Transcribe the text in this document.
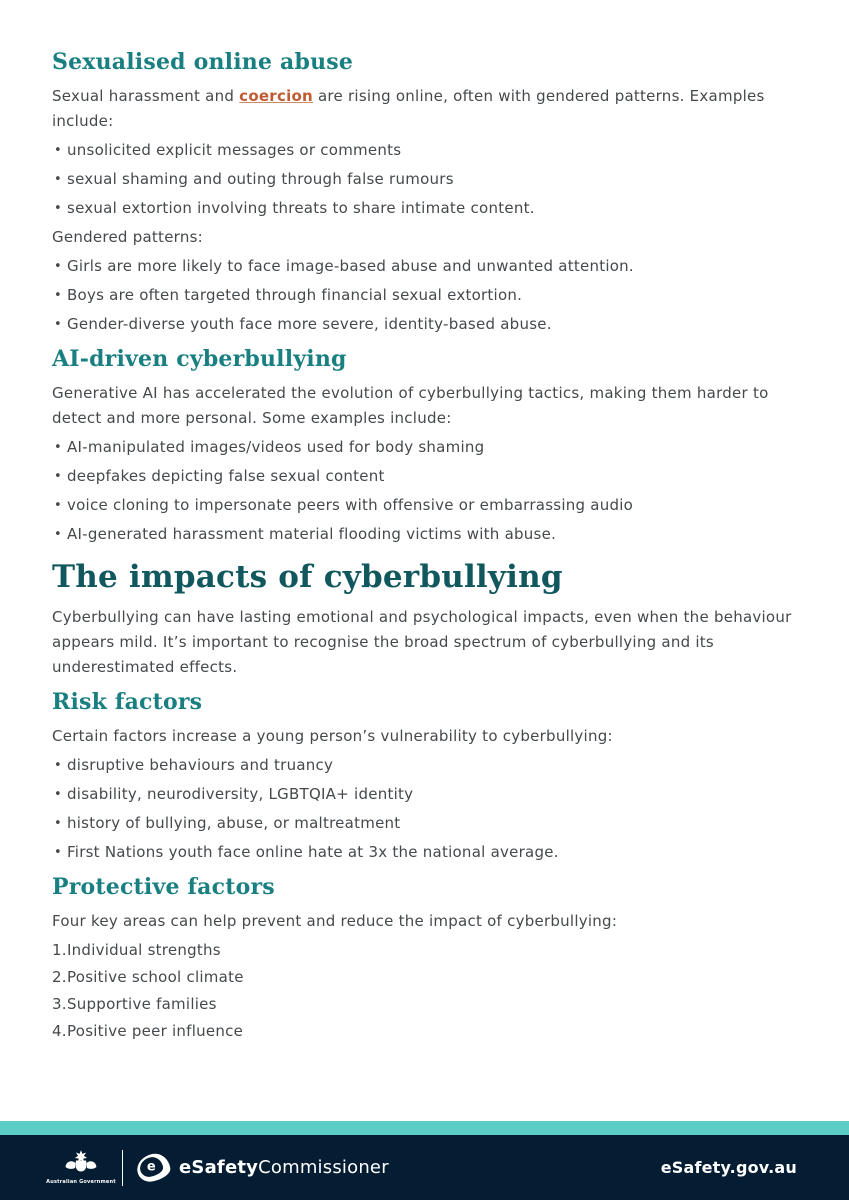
Sexualised online abuse

Sexual harassment and coercion are rising online, often with gendered patterns. Examples include:

• unsolicited explicit messages or comments
• sexual shaming and outing through false rumours
• sexual extortion involving threats to share intimate content.

Gendered patterns:

• Girls are more likely to face image-based abuse and unwanted attention.
• Boys are often targeted through financial sexual extortion.
• Gender-diverse youth face more severe, identity-based abuse.
AI-driven cyberbullying

Generative AI has accelerated the evolution of cyberbullying tactics, making them harder to detect and more personal. Some examples include:

• AI-manipulated images/videos used for body shaming
• deepfakes depicting false sexual content
• voice cloning to impersonate peers with offensive or embarrassing audio
• AI-generated harassment material flooding victims with abuse.
The impacts of cyberbullying

Cyberbullying can have lasting emotional and psychological impacts, even when the behaviour appears mild. It’s important to recognise the broad spectrum of cyberbullying and its underestimated effects.

Risk factors

Certain factors increase a young person’s vulnerability to cyberbullying:

• disruptive behaviours and truancy
• disability, neurodiversity, LGBTQIA+ identity
• history of bullying, abuse, or maltreatment
• First Nations youth face online hate at 3x the national average.
Protective factors

Four key areas can help prevent and reduce the impact of cyberbullying:

1. Individual strengths
2. Positive school climate
3. Supportive families
4. Positive peer influence
Australian Government
e eSafetyCommissioner	eSafety.gov.au
